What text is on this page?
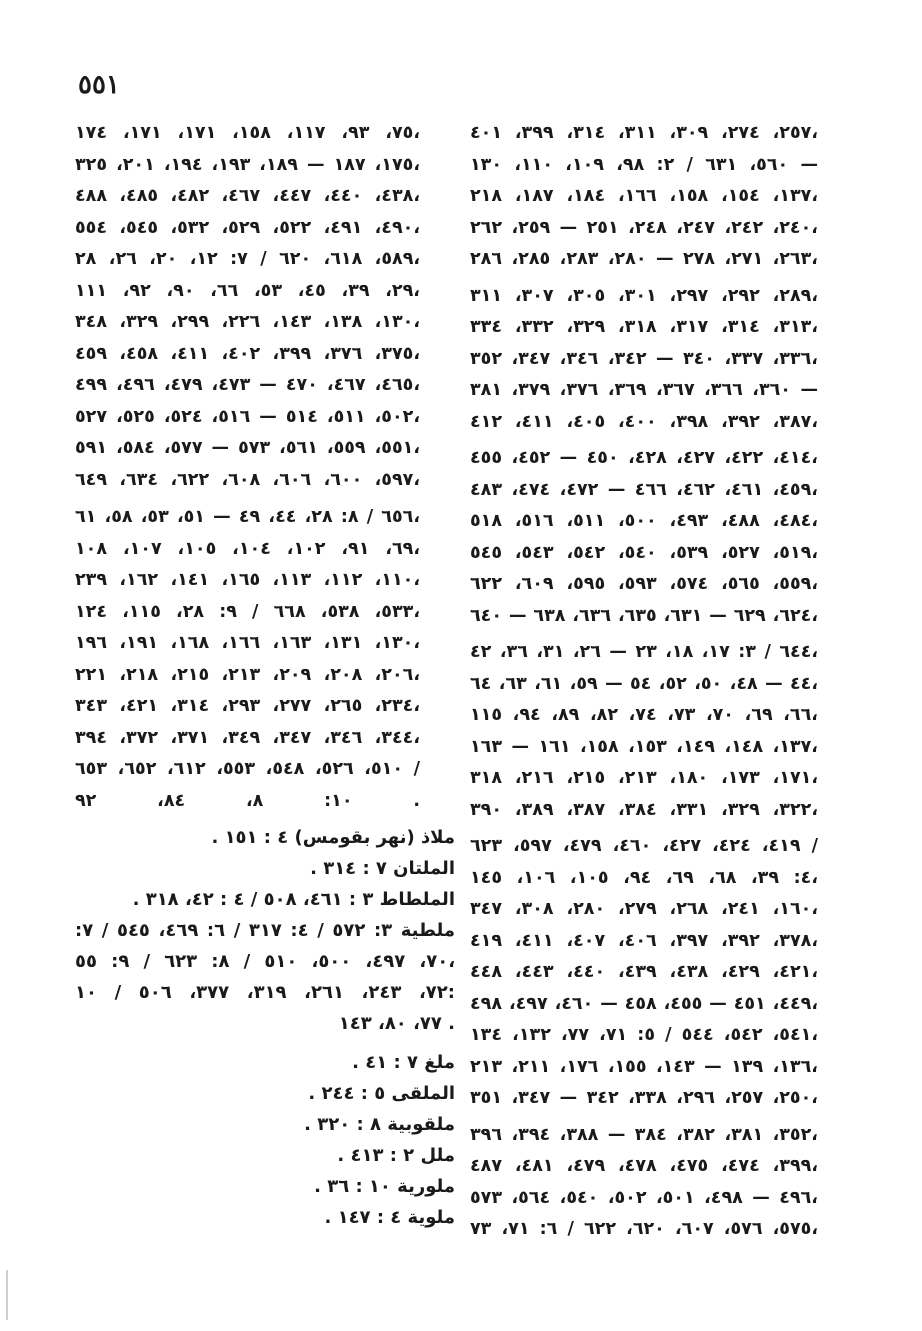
٥٥١
٢٥٧، ٢٧٤، ٣٠٩، ٣١١، ٣١٤، ٣٩٩، ٤٠١،
٥٦٠، ٦٣١ / ٢: ٩٨، ١٠٩، ١١٠، ١٣٠ —
١٣٧، ١٥٤، ١٥٨، ١٦٦، ١٨٤، ١٨٧، ٢١٨،
٢٤٠، ٢٤٢، ٢٤٧، ٢٤٨، ٢٥١ — ٢٥٩، ٢٦٢،
٢٦٣، ٢٧١، ٢٧٨ — ٢٨٠، ٢٨٣، ٢٨٥، ٢٨٦،
٢٨٩، ٢٩٢، ٢٩٧، ٣٠١، ٣٠٥، ٣٠٧، ٣١١،
٣١٣، ٣١٤، ٣١٧، ٣١٨، ٣٢٩، ٣٣٢، ٣٣٤،
٣٣٦، ٣٣٧، ٣٤٠ — ٣٤٢، ٣٤٦، ٣٤٧، ٣٥٢،
٣٦٠، ٣٦٦، ٣٦٧، ٣٦٩، ٣٧٦، ٣٧٩، ٣٨١ —
٣٨٧، ٣٩٢، ٣٩٨، ٤٠٠، ٤٠٥، ٤١١، ٤١٢،
٤١٤، ٤٢٢، ٤٢٧، ٤٢٨، ٤٥٠ — ٤٥٢، ٤٥٥،
٤٥٩، ٤٦١، ٤٦٢، ٤٦٦ — ٤٧٢، ٤٧٤، ٤٨٣،
٤٨٤، ٤٨٨، ٤٩٣، ٥٠٠، ٥١١، ٥١٦، ٥١٨،
٥١٩، ٥٢٧، ٥٣٩، ٥٤٠، ٥٤٢، ٥٤٣، ٥٤٥،
٥٥٩، ٥٦٥، ٥٧٤، ٥٩٣، ٥٩٥، ٦٠٩، ٦٢٢،
٦٢٤، ٦٢٩ — ٦٣١، ٦٣٥، ٦٣٦، ٦٣٨ — ٦٤٠،
٦٤٤ / ٣: ١٧، ١٨، ٢٣ — ٢٦، ٣١، ٣٦، ٤٢،
٤٤ — ٤٨، ٥٠، ٥٢، ٥٤ — ٥٩، ٦١، ٦٣، ٦٤،
٦٦، ٦٩، ٧٠، ٧٣، ٧٤، ٨٢، ٨٩، ٩٤، ١١٥،
١٣٧، ١٤٨، ١٤٩، ١٥٣، ١٥٨، ١٦١ — ١٦٣،
١٧١، ١٧٣، ١٨٠، ٢١٣، ٢١٥، ٢١٦، ٣١٨،
٣٢٢، ٣٢٩، ٣٣١، ٣٨٤، ٣٨٧، ٣٨٩، ٣٩٠،
٤١٩، ٤٢٤، ٤٢٧، ٤٦٠، ٤٧٩، ٥٩٧، ٦٢٣ /
٤: ٣٩، ٦٨، ٦٩، ٩٤، ١٠٥، ١٠٦، ١٤٥،
١٦٠، ٢٤١، ٢٦٨، ٢٧٩، ٢٨٠، ٣٠٨، ٣٤٧،
٣٧٨، ٣٩٢، ٣٩٧، ٤٠٦، ٤٠٧، ٤١١، ٤١٩،
٤٢١، ٤٢٩، ٤٣٨، ٤٣٩، ٤٤٠، ٤٤٣، ٤٤٨،
٤٤٩، ٤٥١ — ٤٥٥، ٤٥٨ — ٤٦٠، ٤٩٧، ٤٩٨،
٥٤١، ٥٤٢، ٥٤٤ / ٥: ٧١، ٧٧، ١٣٢، ١٣٤،
١٣٦، ١٣٩ — ١٤٣، ١٥٥، ١٧٦، ٢١١، ٢١٣،
٢٥٠، ٢٥٧، ٢٩٦، ٣٣٨، ٣٤٢ — ٣٤٧، ٣٥١،
٣٥٢، ٣٨١، ٣٨٢، ٣٨٤ — ٣٨٨، ٣٩٤، ٣٩٦،
٣٩٩، ٤٧٤، ٤٧٥، ٤٧٨، ٤٧٩، ٤٨١، ٤٨٧،
٤٩٦ — ٤٩٨، ٥٠١، ٥٠٢، ٥٤٠، ٥٦٤، ٥٧٣،
٥٧٥، ٥٧٦، ٦٠٧، ٦٢٠، ٦٢٢ / ٦: ٧١، ٧٣،
٧٥، ٩٣، ١١٧، ١٥٨، ١٧١، ١٧١، ١٧٤،
١٧٥، ١٨٧ — ١٨٩، ١٩٣، ١٩٤، ٢٠١، ٣٢٥،
٤٣٨، ٤٤٠، ٤٤٧، ٤٦٧، ٤٨٢، ٤٨٥، ٤٨٨،
٤٩٠، ٤٩١، ٥٢٢، ٥٢٩، ٥٣٢، ٥٤٥، ٥٥٤،
٥٨٩، ٦١٨، ٦٢٠ / ٧: ١٢، ٢٠، ٢٦، ٢٨،
٢٩، ٣٩، ٤٥، ٥٣، ٦٦، ٩٠، ٩٢، ١١١،
١٣٠، ١٣٨، ١٤٣، ٢٢٦، ٢٩٩، ٣٢٩، ٣٤٨،
٣٧٥، ٣٧٦، ٣٩٩، ٤٠٢، ٤١١، ٤٥٨، ٤٥٩،
٤٦٥، ٤٦٧، ٤٧٠ — ٤٧٣، ٤٧٩، ٤٩٦، ٤٩٩،
٥٠٢، ٥١١، ٥١٤ — ٥١٦، ٥٢٤، ٥٢٥، ٥٢٧،
٥٥١، ٥٥٩، ٥٦١، ٥٧٣ — ٥٧٧، ٥٨٤، ٥٩١،
٥٩٧، ٦٠٠، ٦٠٦، ٦٠٨، ٦٢٢، ٦٣٤، ٦٤٩،
٦٥٦ / ٨: ٢٨، ٤٤، ٤٩ — ٥١، ٥٣، ٥٨، ٦١،
٦٩، ٩١، ١٠٢، ١٠٤، ١٠٥، ١٠٧، ١٠٨،
١١٠، ١١٢، ١١٣، ١٦٥، ١٤١، ١٦٢، ٢٣٩،
٥٣٣، ٥٣٨، ٦٦٨ / ٩: ٢٨، ١١٥، ١٢٤،
١٣٠، ١٣١، ١٦٣، ١٦٦، ١٦٨، ١٩١، ١٩٦،
٢٠٦، ٢٠٨، ٢٠٩، ٢١٣، ٢١٥، ٢١٨، ٢٢١،
٢٣٤، ٢٦٥، ٢٧٧، ٢٩٣، ٣١٤، ٤٢١، ٣٤٣،
٣٤٤، ٣٤٦، ٣٤٧، ٣٤٩، ٣٧١، ٣٧٢، ٣٩٤،
٥١٠، ٥٢٦، ٥٤٨، ٥٥٣، ٦١٢، ٦٥٢، ٦٥٣ /
١٠: ٨، ٨٤، ٩٢ .
ملاذ (نهر بقومس) ٤ : ١٥١ .
الملتان ٧ : ٣١٤ .
الملطاط ٣ : ٤٦١، ٥٠٨ / ٤ : ٤٢، ٣١٨ .
ملطية ٣: ٥٧٢ / ٤: ٣١٧ / ٦: ٤٦٩، ٥٤٥ / ٧:
٧٠، ٤٩٧، ٥٠٠، ٥١٠ / ٨: ٦٢٣ / ٩: ٥٥،
٧٢، ٢٤٣، ٢٦١، ٣١٩، ٣٧٧، ٥٠٦ / ١٠:
٧٧، ٨٠، ١٤٣ .
ملغ ٧ : ٤١ .
الملقى ٥ : ٢٤٤ .
ملقوبية ٨ : ٣٢٠ .
ملل ٢ : ٤١٣ .
ملورية ١٠ : ٣٦ .
ملوية ٤ : ١٤٧ .
